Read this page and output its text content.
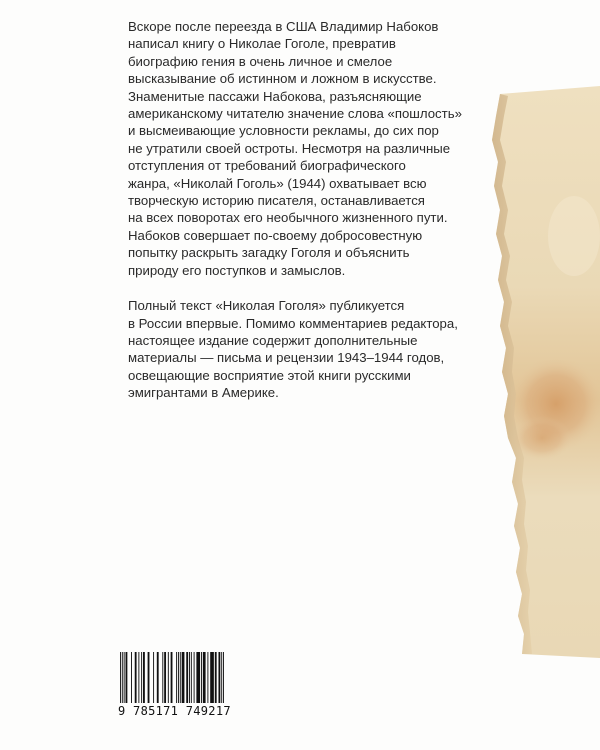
Вскоре после переезда в США Владимир Набоков
написал книгу о Николае Гоголе, превратив
биографию гения в очень личное и смелое
высказывание об истинном и ложном в искусстве.
Знаменитые пассажи Набокова, разъясняющие
американскому читателю значение слова «пошлость»
и высмеивающие условности рекламы, до сих пор
не утратили своей остроты. Несмотря на различные
отступления от требований биографического
жанра, «Николай Гоголь» (1944) охватывает всю
творческую историю писателя, останавливается
на всех поворотах его необычного жизненного пути.
Набоков совершает по-своему добросовестную
попытку раскрыть загадку Гоголя и объяснить
природу его поступков и замыслов.

Полный текст «Николая Гоголя» публикуется
в России впервые. Помимо комментариев редактора,
настоящее издание содержит дополнительные
материалы — письма и рецензии 1943–1944 годов,
освещающие восприятие этой книги русскими
эмигрантами в Америке.

9 785171 749217
